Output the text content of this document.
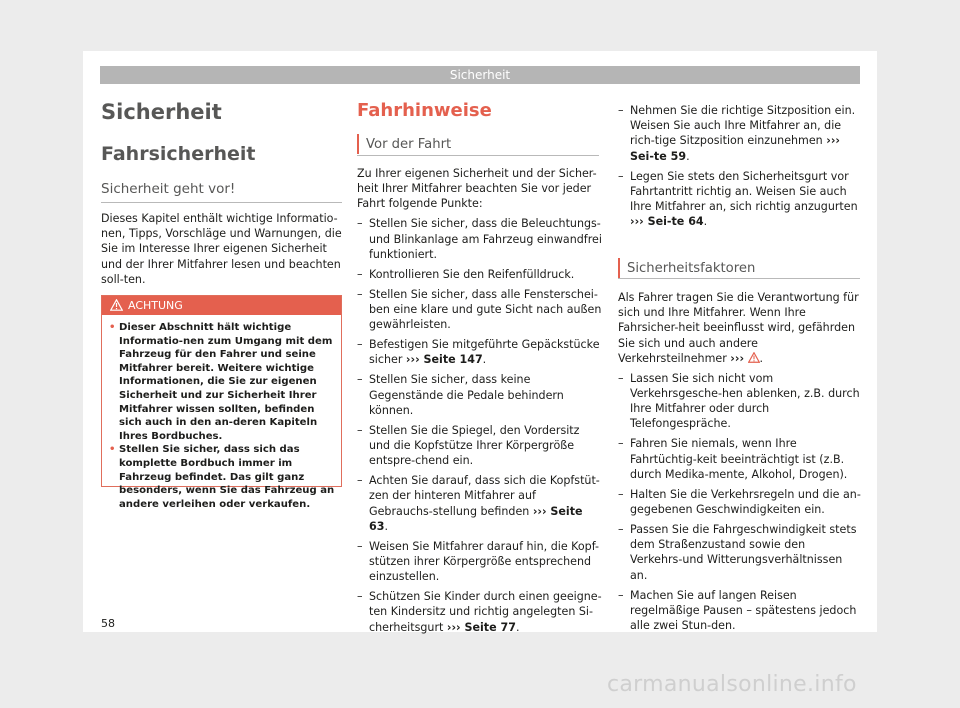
Sicherheit
Sicherheit
Fahrsicherheit
Sicherheit geht vor!

Dieses Kapitel enthält wichtige Informatio-nen, Tipps, Vorschläge und Warnungen, die Sie im Interesse Ihrer eigenen Sicherheit und der Ihrer Mitfahrer lesen und beachten soll-ten.

ACHTUNG

• Dieser Abschnitt hält wichtige Informatio-nen zum Umgang mit dem Fahrzeug für den Fahrer und seine Mitfahrer bereit. Weitere wichtige Informationen, die Sie zur eigenen Sicherheit und zur Sicherheit Ihrer Mitfahrer wissen sollten, befinden sich auch in den an-deren Kapiteln Ihres Bordbuches.

• Stellen Sie sicher, dass sich das komplette Bordbuch immer im Fahrzeug befindet. Das gilt ganz besonders, wenn Sie das Fahrzeug an andere verleihen oder verkaufen.

Fahrhinweise
Vor der Fahrt

Zu Ihrer eigenen Sicherheit und der Sicher-heit Ihrer Mitfahrer beachten Sie vor jeder Fahrt folgende Punkte:

– Stellen Sie sicher, dass die Beleuchtungs- und Blinkanlage am Fahrzeug einwandfrei funktioniert.
– Kontrollieren Sie den Reifenfülldruck.
– Stellen Sie sicher, dass alle Fensterschei-ben eine klare und gute Sicht nach außen gewährleisten.
– Befestigen Sie mitgeführte Gepäckstücke sicher ››› Seite 147.
– Stellen Sie sicher, dass keine Gegenstände die Pedale behindern können.
– Stellen Sie die Spiegel, den Vordersitz und die Kopfstütze Ihrer Körpergröße entspre-chend ein.
– Achten Sie darauf, dass sich die Kopfstüt-zen der hinteren Mitfahrer auf Gebrauchs-stellung befinden ››› Seite 63.
– Weisen Sie Mitfahrer darauf hin, die Kopf-stützen ihrer Körpergröße entsprechend einzustellen.
– Schützen Sie Kinder durch einen geeigne-ten Kindersitz und richtig angelegten Si-cherheitsgurt ››› Seite 77.
– Nehmen Sie die richtige Sitzposition ein. Weisen Sie auch Ihre Mitfahrer an, die rich-tige Sitzposition einzunehmen ››› Sei-te 59.
– Legen Sie stets den Sicherheitsgurt vor Fahrtantritt richtig an. Weisen Sie auch Ihre Mitfahrer an, sich richtig anzugurten ››› Sei-te 64.
Sicherheitsfaktoren

Als Fahrer tragen Sie die Verantwortung für sich und Ihre Mitfahrer. Wenn Ihre Fahrsicher-heit beeinflusst wird, gefährden Sie sich und auch andere Verkehrsteilnehmer ››› .

– Lassen Sie sich nicht vom Verkehrsgesche-hen ablenken, z.B. durch Ihre Mitfahrer oder durch Telefongespräche.
– Fahren Sie niemals, wenn Ihre Fahrtüchtig-keit beeinträchtigt ist (z.B. durch Medika-mente, Alkohol, Drogen).
– Halten Sie die Verkehrsregeln und die an-gegebenen Geschwindigkeiten ein.
– Passen Sie die Fahrgeschwindigkeit stets dem Straßenzustand sowie den Verkehrs-und Witterungsverhältnissen an.
– Machen Sie auf langen Reisen regelmäßige Pausen – spätestens jedoch alle zwei Stun-den.
58
carmanualsonline.info
